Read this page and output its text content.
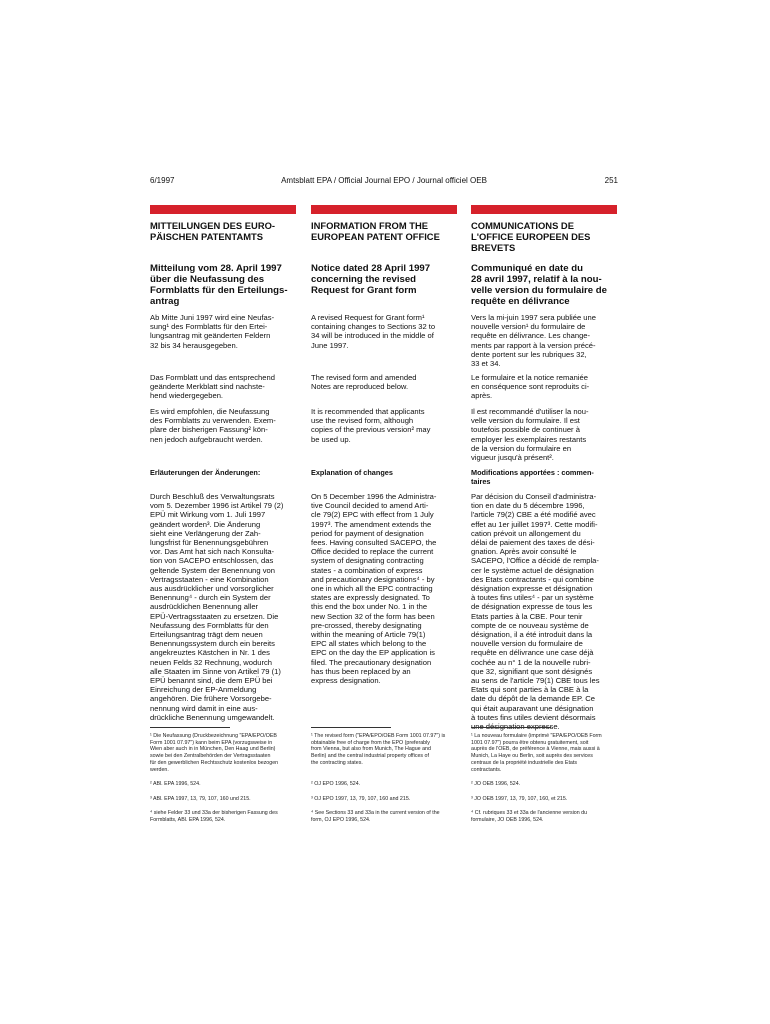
6/1997	Amtsblatt EPA / Official Journal EPO / Journal officiel OEB	251
MITTEILUNGEN DES EURO-
PÄISCHEN PATENTAMTS
Mitteilung vom 28. April 1997
über die Neufassung des
Formblatts für den Erteilungs-
antrag
Ab Mitte Juni 1997 wird eine Neufas-
sung¹ des Formblatts für den Ertei-
lungsantrag mit geänderten Feldern
32 bis 34 herausgegeben.
Das Formblatt und das entsprechend
geänderte Merkblatt sind nachste-
hend wiedergegeben.
Es wird empfohlen, die Neufassung
des Formblatts zu verwenden. Exem-
plare der bisherigen Fassung² kön-
nen jedoch aufgebraucht werden.
Erläuterungen der Änderungen:
Durch Beschluß des Verwaltungsrats
vom 5. Dezember 1996 ist Artikel 79 (2)
EPÜ mit Wirkung vom 1. Juli 1997
geändert worden³. Die Änderung
sieht eine Verlängerung der Zah-
lungsfrist für Benennungsgebühren
vor. Das Amt hat sich nach Konsulta-
tion von SACEPO entschlossen, das
geltende System der Benennung von
Vertragsstaaten - eine Kombination
aus ausdrücklicher und vorsorglicher
Benennung⁴ - durch ein System der
ausdrücklichen Benennung aller
EPÜ-Vertragsstaaten zu ersetzen. Die
Neufassung des Formblatts für den
Erteilungsantrag trägt dem neuen
Benennungssystem durch ein bereits
angekreuztes Kästchen in Nr. 1 des
neuen Felds 32 Rechnung, wodurch
alle Staaten im Sinne von Artikel 79 (1)
EPÜ benannt sind, die dem EPÜ bei
Einreichung der EP-Anmeldung
angehören. Die frühere Vorsorgebe-
nennung wird damit in eine aus-
drückliche Benennung umgewandelt.
¹ Die Neufassung (Druckbezeichnung "EPA/EPO/OEB
Form 1001 07.97") kann beim EPA (vorzugsweise in
Wien aber auch in in München, Den Haag und Berlin)
sowie bei den Zentralbehörden der Vertragsstaaten
für den gewerblichen Rechtsschutz kostenlos bezogen
werden.
² ABl. EPA 1996, 524.
³ ABl. EPA 1997, 13, 79, 107, 160 und 215.
⁴ siehe Felder 33 und 33a der bisherigen Fassung des
Formblatts, ABl. EPA 1996, 524.
INFORMATION FROM THE
EUROPEAN PATENT OFFICE
Notice dated 28 April 1997
concerning the revised
Request for Grant form
A revised Request for Grant form¹
containing changes to Sections 32 to
34 will be introduced in the middle of
June 1997.
The revised form and amended
Notes are reproduced below.
It is recommended that applicants
use the revised form, although
copies of the previous version² may
be used up.
Explanation of changes
On 5 December 1996 the Administra-
tive Council decided to amend Arti-
cle 79(2) EPC with effect from 1 July
1997³. The amendment extends the
period for payment of designation
fees. Having consulted SACEPO, the
Office decided to replace the current
system of designating contracting
states - a combination of express
and precautionary designations⁴ - by
one in which all the EPC contracting
states are expressly designated. To
this end the box under No. 1 in the
new Section 32 of the form has been
pre-crossed, thereby designating
within the meaning of Article 79(1)
EPC all states which belong to the
EPC on the day the EP application is
filed. The precautionary designation
has thus been replaced by an
express designation.
¹ The revised form ("EPA/EPO/OEB Form 1001 07.97") is
obtainable free of charge from the EPO (preferably
from Vienna, but also from Munich, The Hague and
Berlin) and the central industrial property offices of
the contracting states.
² OJ EPO 1996, 524.
³ OJ EPO 1997, 13, 79, 107, 160 and 215.
⁴ See Sections 33 and 33a in the current version of the
form, OJ EPO 1996, 524.
COMMUNICATIONS DE
L'OFFICE EUROPEEN DES
BREVETS
Communiqué en date du
28 avril 1997, relatif à la nou-
velle version du formulaire de
requête en délivrance
Vers la mi-juin 1997 sera publiée une
nouvelle version¹ du formulaire de
requête en délivrance. Les change-
ments par rapport à la version précé-
dente portent sur les rubriques 32,
33 et 34.
Le formulaire et la notice remaniée
en conséquence sont reproduits ci-
après.
Il est recommandé d'utiliser la nou-
velle version du formulaire. Il est
toutefois possible de continuer à
employer les exemplaires restants
de la version du formulaire en
vigueur jusqu'à présent².
Modifications apportées : commen-
taires
Par décision du Conseil d'administra-
tion en date du 5 décembre 1996,
l'article 79(2) CBE a été modifié avec
effet au 1er juillet 1997³. Cette modifi-
cation prévoit un allongement du
délai de paiement des taxes de dési-
gnation. Après avoir consulté le
SACEPO, l'Office a décidé de rempla-
cer le système actuel de désignation
des Etats contractants - qui combine
désignation expresse et désignation
à toutes fins utiles⁴ - par un système
de désignation expresse de tous les
Etats parties à la CBE. Pour tenir
compte de ce nouveau système de
désignation, il a été introduit dans la
nouvelle version du formulaire de
requête en délivrance une case déjà
cochée au n° 1 de la nouvelle rubri-
que 32, signifiant que sont désignés
au sens de l'article 79(1) CBE tous les
Etats qui sont parties à la CBE à la
date du dépôt de la demande EP. Ce
qui était auparavant une désignation
à toutes fins utiles devient désormais
une désignation expresse.
¹ La nouveau formulaire (imprimé "EPA/EPO/OEB Form
1001 07.97") pourra être obtenu gratuitement, soit
auprès de l'OEB, de préférence à Vienne, mais aussi à
Munich, La Haye ou Berlin, soit auprès des services
centraux de la propriété industrielle des Etats
contractants.
² JO OEB 1996, 524.
³ JO OEB 1997, 13, 79, 107, 160, et 215.
⁴ Cf. rubriques 33 et 33a de l'ancienne version du
formulaire, JO OEB 1996, 524.
